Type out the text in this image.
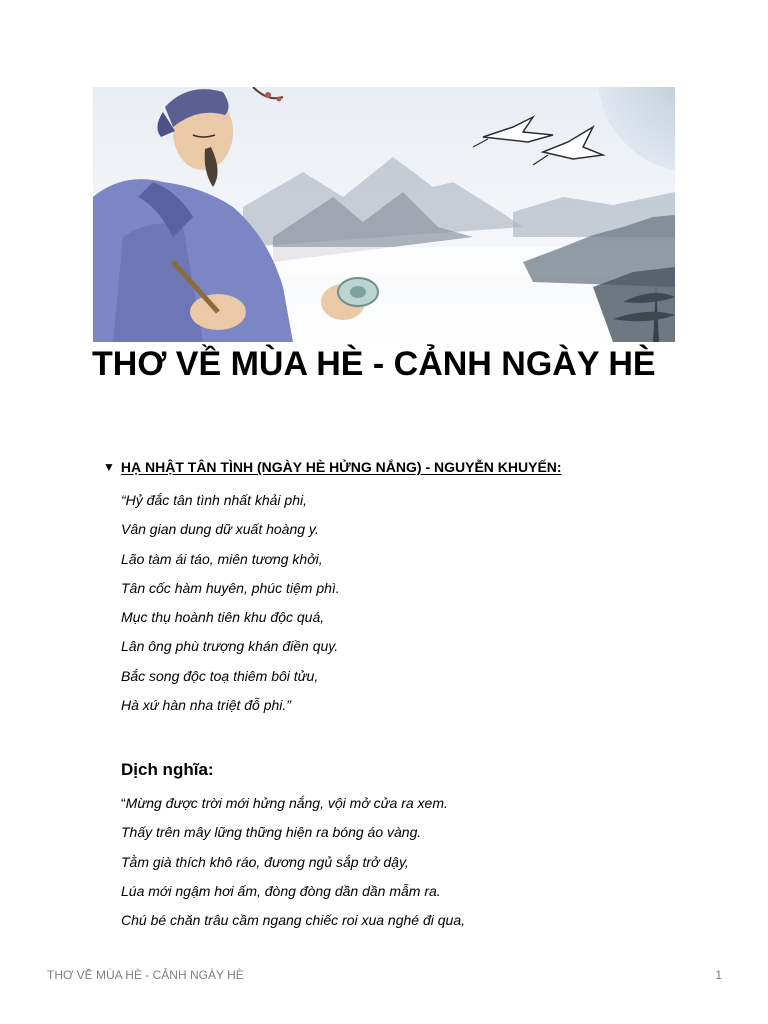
THƠ VỀ MÙA HÈ - CẢNH NGÀY HÈ
▼ HẠ NHẬT TÂN TÌNH (NGÀY HÈ HỬNG NẮNG) - NGUYỄN KHUYẾN:
“Hỷ đắc tân tình nhất khải phi,
Vân gian dung dữ xuất hoàng y.
Lão tàm ái táo, miên tương khởi,
Tân cốc hàm huyên, phúc tiệm phì.
Mục thụ hoành tiên khu độc quá,
Lân ông phù trượng khán điền quy.
Bắc song độc toạ thiêm bôi tửu,
Hà xứ hàn nha triệt đỗ phi.”
Dịch nghĩa:
“Mừng được trời mới hửng nắng, vội mở cửa ra xem.
Thấy trên mây lững thững hiện ra bóng áo vàng.
Tằm già thích khô ráo, đương ngủ sắp trở dậy,
Lúa mới ngậm hơi ấm, đòng đòng dần dần mẫm ra.
Chú bé chăn trâu cầm ngang chiếc roi xua nghé đi qua,
THƠ VỀ MÙA HÈ - CẢNH NGÀY HÈ	1
